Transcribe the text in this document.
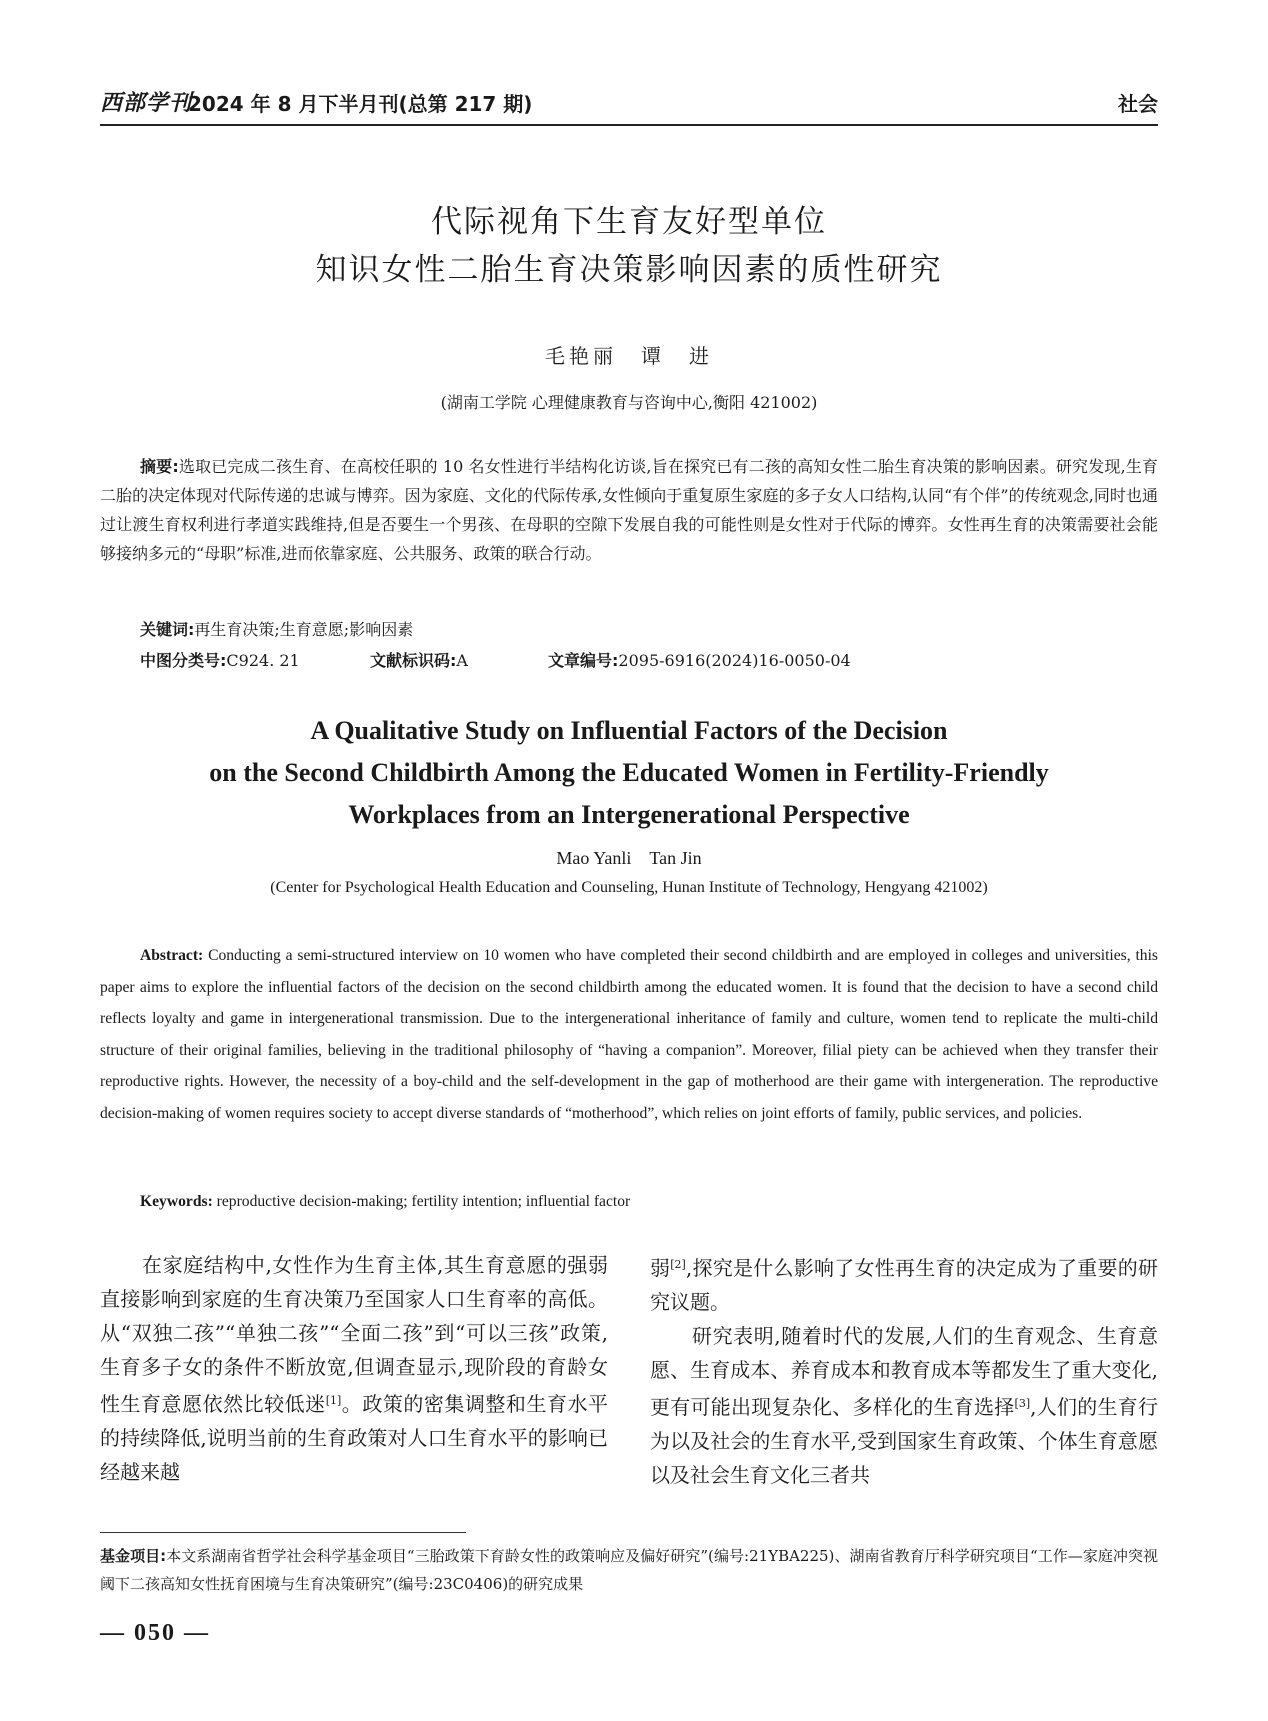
西部学刊
2024 年 8 月下半月刊(总第 217 期)	社会
代际视角下生育友好型单位
知识女性二胎生育决策影响因素的质性研究
毛艳丽　谭　进
(湖南工学院 心理健康教育与咨询中心,衡阳 421002)
摘要:选取已完成二孩生育、在高校任职的 10 名女性进行半结构化访谈,旨在探究已有二孩的高知女性二胎生育决策的影响因素。研究发现,生育二胎的决定体现对代际传递的忠诚与博弈。因为家庭、文化的代际传承,女性倾向于重复原生家庭的多子女人口结构,认同“有个伴”的传统观念,同时也通过让渡生育权利进行孝道实践维持,但是否要生一个男孩、在母职的空隙下发展自我的可能性则是女性对于代际的博弈。女性再生育的决策需要社会能够接纳多元的“母职”标准,进而依靠家庭、公共服务、政策的联合行动。
关键词:再生育决策;生育意愿;影响因素
中图分类号:C924. 21	文献标识码:A	文章编号:2095-6916(2024)16-0050-04
A Qualitative Study on Influential Factors of the Decision
on the Second Childbirth Among the Educated Women in Fertility-Friendly
Workplaces from an Intergenerational Perspective
Mao Yanli　Tan Jin
(Center for Psychological Health Education and Counseling, Hunan Institute of Technology, Hengyang 421002)
Abstract: Conducting a semi-structured interview on 10 women who have completed their second childbirth and are employed in colleges and universities, this paper aims to explore the influential factors of the decision on the second childbirth among the educated women. It is found that the decision to have a second child reflects loyalty and game in intergenerational transmission. Due to the intergenerational inheritance of family and culture, women tend to replicate the multi-child structure of their original families, believing in the traditional philosophy of “having a companion”. Moreover, filial piety can be achieved when they transfer their reproductive rights. However, the necessity of a boy-child and the self-development in the gap of motherhood are their game with intergeneration. The reproductive decision-making of women requires society to accept diverse standards of “motherhood”, which relies on joint efforts of family, public services, and policies.
Keywords: reproductive decision-making; fertility intention; influential factor

在家庭结构中,女性作为生育主体,其生育意愿的强弱直接影响到家庭的生育决策乃至国家人口生育率的高低。从“双独二孩”“单独二孩”“全面二孩”到“可以三孩”政策,生育多子女的条件不断放宽,但调查显示,现阶段的育龄女性生育意愿依然比较低迷[1]。政策的密集调整和生育水平的持续降低,说明当前的生育政策对人口生育水平的影响已经越来越

弱[2],探究是什么影响了女性再生育的决定成为了重要的研究议题。

研究表明,随着时代的发展,人们的生育观念、生育意愿、生育成本、养育成本和教育成本等都发生了重大变化,更有可能出现复杂化、多样化的生育选择[3],人们的生育行为以及社会的生育水平,受到国家生育政策、个体生育意愿以及社会生育文化三者共

基金项目:本文系湖南省哲学社会科学基金项目“三胎政策下育龄女性的政策响应及偏好研究”(编号:21YBA225)、湖南省教育厅科学研究项目“工作—家庭冲突视阈下二孩高知女性抚育困境与生育决策研究”(编号:23C0406)的研究成果
— 050 —
